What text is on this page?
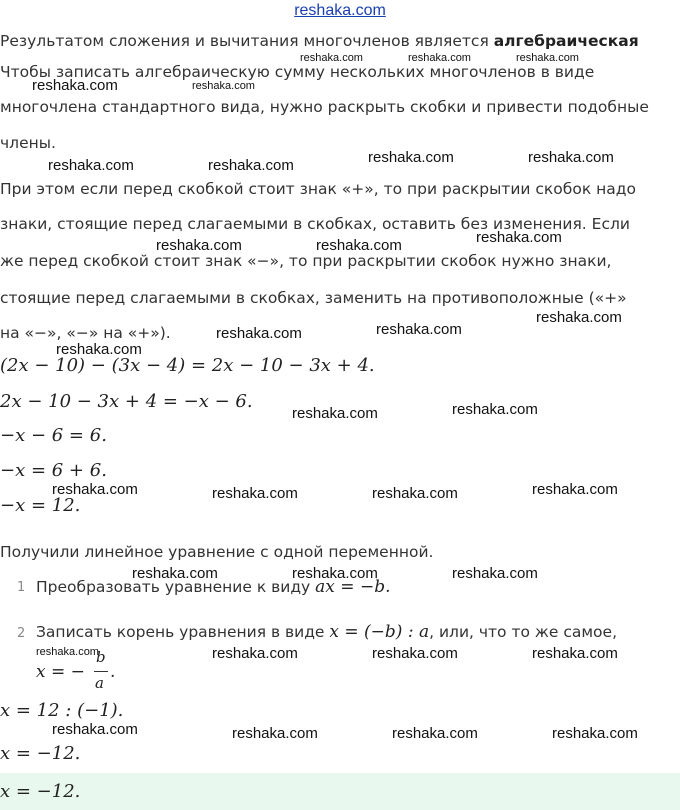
reshaka.com
Результатом сложения и вычитания многочленов является алгебраическая
Чтобы записать алгебраическую сумму нескольких многочленов в виде
многочлена стандартного вида, нужно раскрыть скобки и привести подобные
члены.
При этом если перед скобкой стоит знак «+», то при раскрытии скобок надо
знаки, стоящие перед слагаемыми в скобках, оставить без изменения. Если
же перед скобкой стоит знак «−», то при раскрытии скобок нужно знаки,
стоящие перед слагаемыми в скобках, заменить на противоположные («+»
на «−», «−» на «+»).
(2x − 10) − (3x − 4) = 2x − 10 − 3x + 4.
2x − 10 − 3x + 4 = −x − 6.
−x − 6 = 6.
−x = 6 + 6.
−x = 12.
Получили линейное уравнение с одной переменной.
1 Преобразовать уравнение к виду ax = −b.
2 Записать корень уравнения в виде x = (−b) : a, или, что то же самое,
x = −
b
a
.
x = 12 : (−1).
x = −12.
x = −12.
reshaka.com	reshaka.com	reshaka.com
reshaka.com	reshaka.com
reshaka.com	reshaka.com	reshaka.com	reshaka.com
reshaka.com	reshaka.com	reshaka.com
reshaka.com	reshaka.com
reshaka.com
reshaka.com
reshaka.com	reshaka.com
reshaka.com	reshaka.com	reshaka.com	reshaka.com
reshaka.com	reshaka.com	reshaka.com
reshaka.com	reshaka.com	reshaka.com	reshaka.com
reshaka.com	reshaka.com	reshaka.com	reshaka.com
